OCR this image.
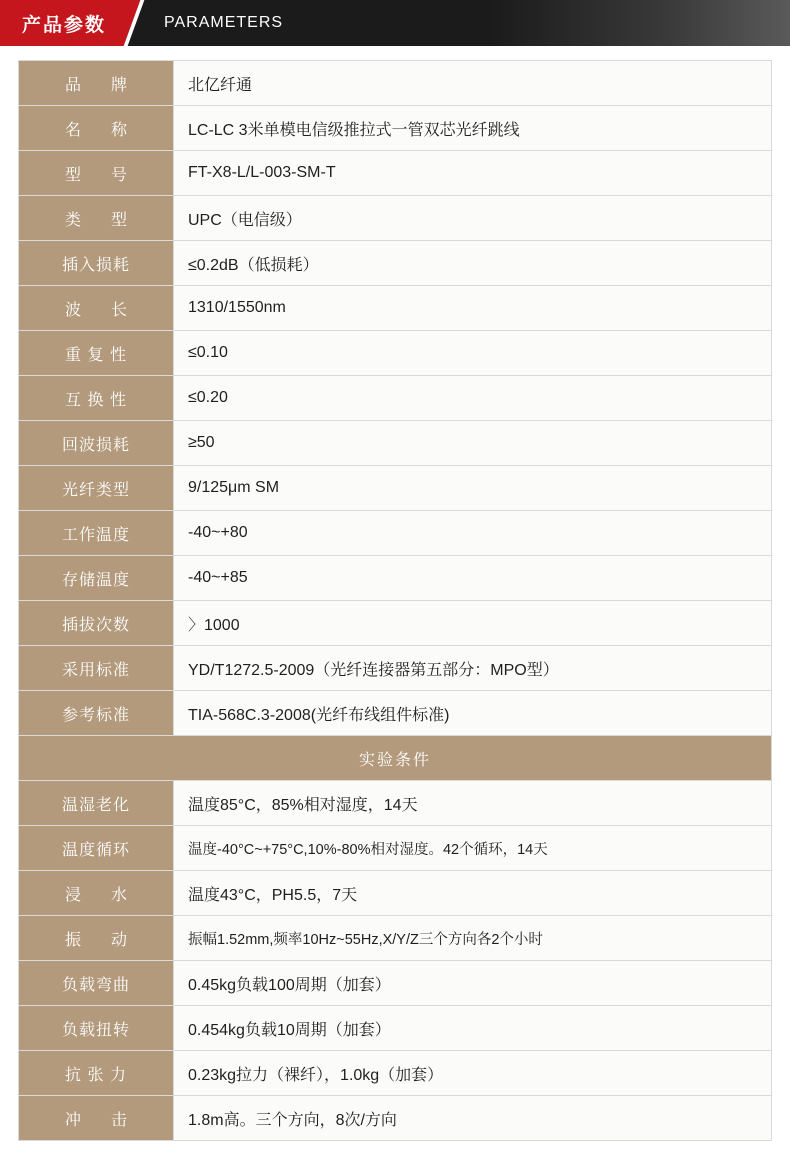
产品参数	PARAMETERS
品　牌	北亿纤通
名　称	LC-LC 3米单模电信级推拉式一管双芯光纤跳线
型　号	FT-X8-L/L-003-SM-T
类　型	UPC（电信级）
插入损耗	≤0.2dB（低损耗）
波　长	1310/1550nm
重 复 性	≤0.10
互 换 性	≤0.20
回波损耗	≥50
光纤类型	9/125μm SM
工作温度	-40~+80
存储温度	-40~+85
插拔次数	〉1000
采用标准	YD/T1272.5-2009（光纤连接器第五部分：MPO型）
参考标准	TIA-568C.3-2008(光纤布线组件标准)
实验条件	
温湿老化	温度85°C，85%相对湿度，14天
温度循环	温度-40°C~+75°C,10%-80%相对湿度。42个循环，14天
浸　水	温度43°C，PH5.5，7天
振　动	振幅1.52mm,频率10Hz~55Hz,X/Y/Z三个方向各2个小时
负载弯曲	0.45kg负载100周期（加套）
负载扭转	0.454kg负载10周期（加套）
抗 张 力	0.23kg拉力（裸纤），1.0kg（加套）
冲　击	1.8m高。三个方向，8次/方向
